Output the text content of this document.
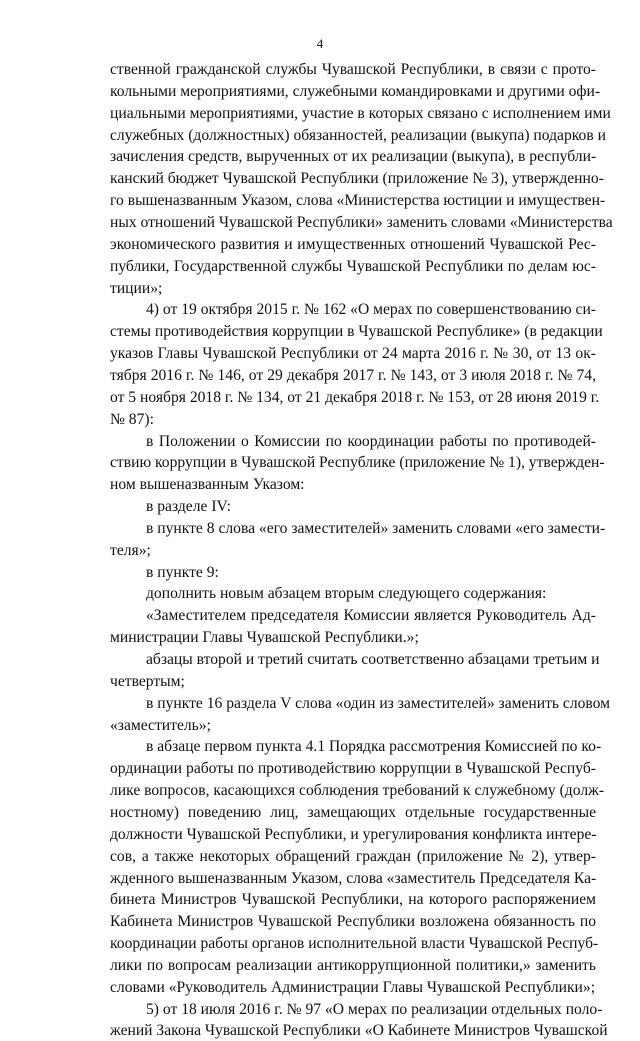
4
ственной гражданской службы Чувашской Республики, в связи с прото-
кольными мероприятиями, служебными командировками и другими офи-
циальными мероприятиями, участие в которых связано с исполнением ими
служебных (должностных) обязанностей, реализации (выкупа) подарков и
зачисления средств, вырученных от их реализации (выкупа), в республи-
канский бюджет Чувашской Республики (приложение № 3), утвержденно-
го вышеназванным Указом, слова «Министерства юстиции и имуществен-
ных отношений Чувашской Республики» заменить словами «Министерства
экономического развития и имущественных отношений Чувашской Рес-
публики, Государственной службы Чувашской Республики по делам юс-
тиции»;
4) от 19 октября 2015 г. № 162 «О мерах по совершенствованию си-
стемы противодействия коррупции в Чувашской Республике» (в редакции
указов Главы Чувашской Республики от 24 марта 2016 г. № 30, от 13 ок-
тября 2016 г. № 146, от 29 декабря 2017 г. № 143, от 3 июля 2018 г. № 74,
от 5 ноября 2018 г. № 134, от 21 декабря 2018 г. № 153, от 28 июня 2019 г.
№ 87):
в Положении о Комиссии по координации работы по противодей-
ствию коррупции в Чувашской Республике (приложение № 1), утвержден-
ном вышеназванным Указом:
в разделе IV:
в пункте 8 слова «его заместителей» заменить словами «его замести-
теля»;
в пункте 9:
дополнить новым абзацем вторым следующего содержания:
«Заместителем председателя Комиссии является Руководитель Ад-
министрации Главы Чувашской Республики.»;
абзацы второй и третий считать соответственно абзацами третьим и
четвертым;
в пункте 16 раздела V слова «один из заместителей» заменить словом
«заместитель»;
в абзаце первом пункта 4.1 Порядка рассмотрения Комиссией по ко-
ординации работы по противодействию коррупции в Чувашской Респуб-
лике вопросов, касающихся соблюдения требований к служебному (долж-
ностному) поведению лиц, замещающих отдельные государственные
должности Чувашской Республики, и урегулирования конфликта интере-
сов, а также некоторых обращений граждан (приложение № 2), утвер-
жденного вышеназванным Указом, слова «заместитель Председателя Ка-
бинета Министров Чувашской Республики, на которого распоряжением
Кабинета Министров Чувашской Республики возложена обязанность по
координации работы органов исполнительной власти Чувашской Респуб-
лики по вопросам реализации антикоррупционной политики,» заменить
словами «Руководитель Администрации Главы Чувашской Республики»;
5) от 18 июля 2016 г. № 97 «О мерах по реализации отдельных поло-
жений Закона Чувашской Республики «О Кабинете Министров Чувашской
